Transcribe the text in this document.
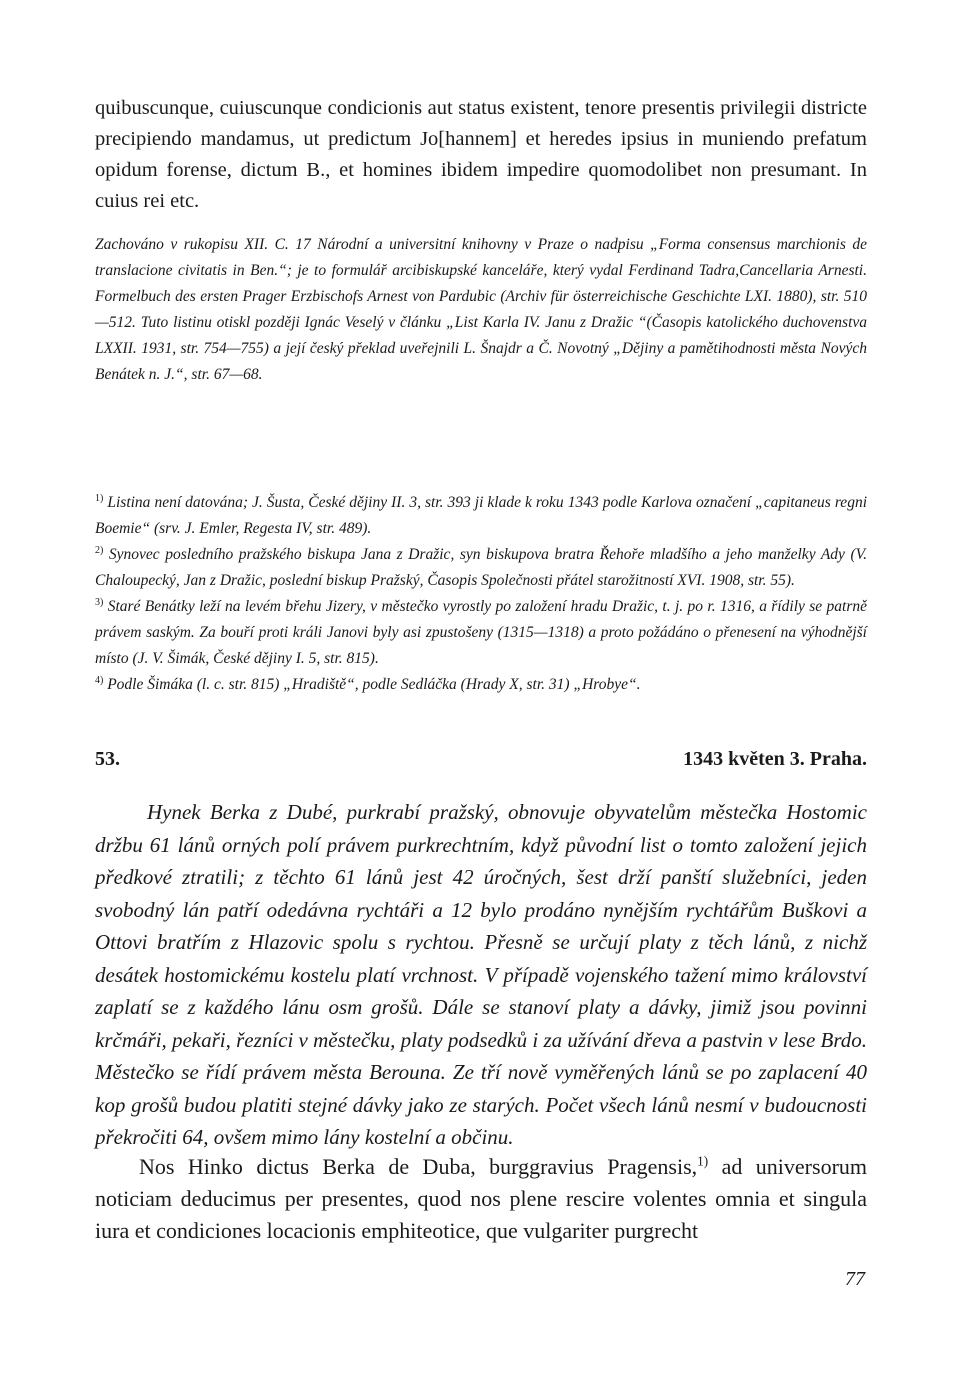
quibuscunque, cuiuscunque condicionis aut status existent, tenore presentis privilegii districte precipiendo mandamus, ut predictum Jo[hannem] et heredes ipsius in muniendo prefatum opidum forense, dictum B., et homines ibidem impedire quomodolibet non presumant. In cuius rei etc.

Zachováno v rukopisu XII. C. 17 Národní a universitní knihovny v Praze o nadpisu „Forma consensus marchionis de translacione civitatis in Ben.“; je to formulář arcibiskupské kanceláře, který vydal Ferdinand Tadra,Cancellaria Arnesti. Formelbuch des ersten Prager Erzbischofs Arnest von Pardubic (Archiv für österreichische Geschichte LXI. 1880), str. 510—512. Tuto listinu otiskl později Ignác Veselý v článku „List Karla IV. Janu z Dražic “(Časopis katolického duchovenstva LXXII. 1931, str. 754—755) a její český překlad uveřejnili L. Šnajdr a Č. Novotný „Dějiny a pamětihodnosti města Nových Benátek n. J.“, str. 67—68.

$^{1)}$ Listina není datována; J. Šusta, České dějiny II. 3, str. 393 ji klade k roku 1343 podle Karlova označení „capitaneus regni Boemie“ (srv. J. Emler, Regesta IV, str. 489).

$^{2)}$ Synovec posledního pražského biskupa Jana z Dražic, syn biskupova bratra Řehoře mladšího a jeho manželky Ady (V. Chaloupecký, Jan z Dražic, poslední biskup Pražský, Časopis Společnosti přátel starožitností XVI. 1908, str. 55).

$^{3)}$ Staré Benátky leží na levém břehu Jizery, v městečko vyrostly po založení hradu Dražic, t. j. po r. 1316, a řídily se patrně právem saským. Za bouří proti králi Janovi byly asi zpustošeny (1315—1318) a proto požádáno o přenesení na výhodnější místo (J. V. Šimák, České dějiny I. 5, str. 815).

$^{4)}$ Podle Šimáka (l. c. str. 815) „Hradiště“, podle Sedláčka (Hrady X, str. 31) „Hrobye“.

53.	1343 květen 3. Praha.

Hynek Berka z Dubé, purkrabí pražský, obnovuje obyvatelům městečka Hostomic držbu 61 lánů orných polí právem purkrechtním, když původní list o tomto založení jejich předkové ztratili; z těchto 61 lánů jest 42 úročných, šest drží panští služebníci, jeden svobodný lán patří odedávna rychtáři a 12 bylo prodáno nynějším rychtářům Buškovi a Ottovi bratřím z Hlazovic spolu s rychtou. Přesně se určují platy z těch lánů, z nichž desátek hostomickému kostelu platí vrchnost. V případě vojenského tažení mimo království zaplatí se z každého lánu osm grošů. Dále se stanoví platy a dávky, jimiž jsou povinni krčmáři, pekaři, řezníci v městečku, platy podsedků i za užívání dřeva a pastvin v lese Brdo. Městečko se řídí právem města Berouna. Ze tří nově vyměřených lánů se po zaplacení 40 kop grošů budou platiti stejné dávky jako ze starých. Počet všech lánů nesmí v budoucnosti překročiti 64, ovšem mimo lány kostelní a občinu.

Nos Hinko dictus Berka de Duba, burggravius Pragensis,$^{1)}$ ad universorum noticiam deducimus per presentes, quod nos plene rescire volentes omnia et singula iura et condiciones locacionis emphiteotice, que vulgariter purgrecht

77
